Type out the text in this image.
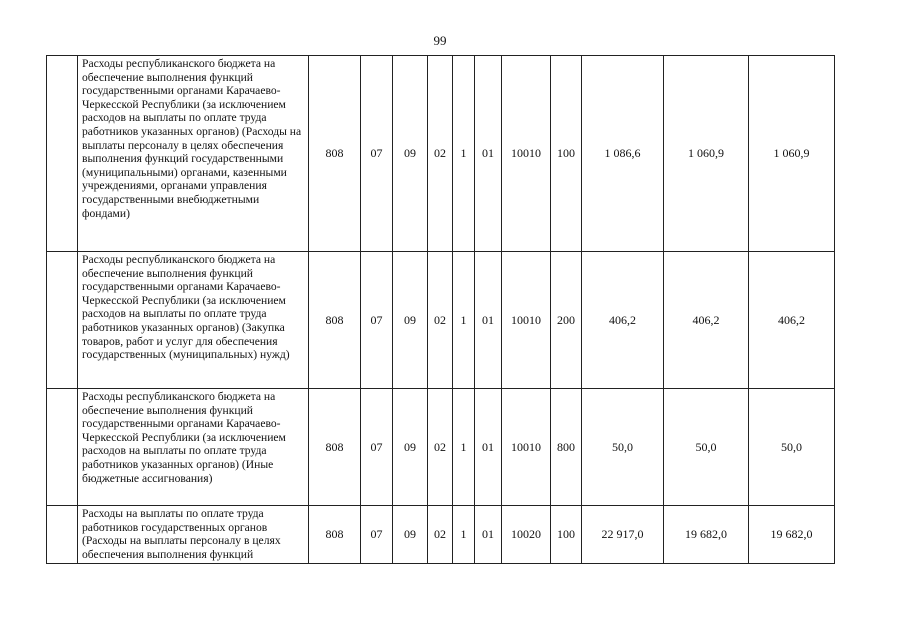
99
	Расходы республиканского бюджета на обеспечение выполнения функций государственными органами Карачаево-Черкесской Республики (за исключением расходов на выплаты по оплате труда работников указанных органов) (Расходы на выплаты персоналу в целях обеспечения выполнения функций государственными (муниципальными) органами, казенными учреждениями, органами управления государственными внебюджетными фондами)	808	07	09	02	1	01	10010	100	1 086,6	1 060,9	1 060,9
	Расходы республиканского бюджета на обеспечение выполнения функций государственными органами Карачаево-Черкесской Республики (за исключением расходов на выплаты по оплате труда работников указанных органов) (Закупка товаров, работ и услуг для обеспечения государственных (муниципальных) нужд)	808	07	09	02	1	01	10010	200	406,2	406,2	406,2
	Расходы республиканского бюджета на обеспечение выполнения функций государственными органами Карачаево-Черкесской Республики (за исключением расходов на выплаты по оплате труда работников указанных органов) (Иные бюджетные ассигнования)	808	07	09	02	1	01	10010	800	50,0	50,0	50,0
	Расходы на выплаты по оплате труда работников государственных органов (Расходы на выплаты персоналу в целях обеспечения выполнения функций	808	07	09	02	1	01	10020	100	22 917,0	19 682,0	19 682,0
